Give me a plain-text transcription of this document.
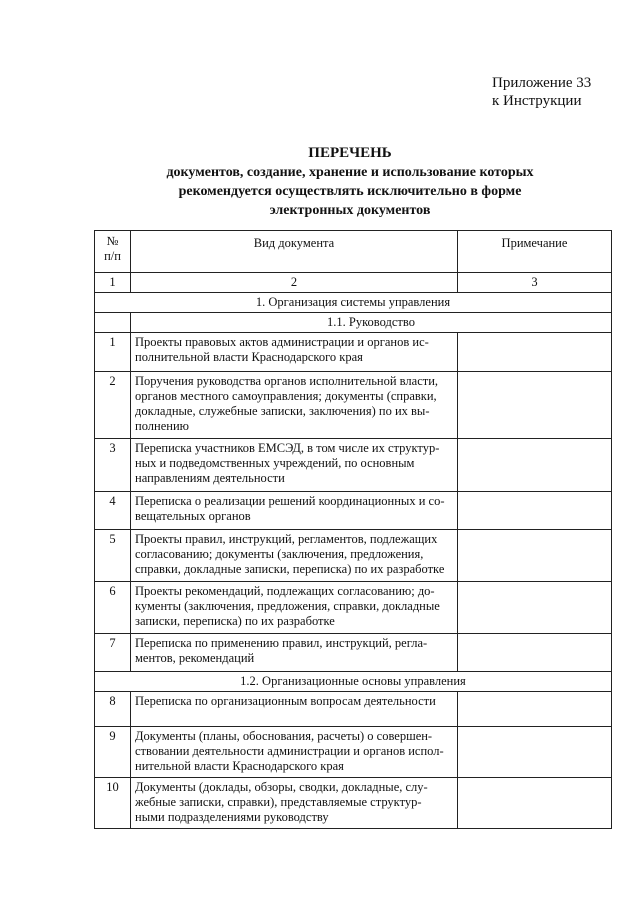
Приложение 33
к Инструкции
ПЕРЕЧЕНЬ
документов, создание, хранение и использование которых
рекомендуется осуществлять исключительно в форме
электронных документов
№
п/п	Вид документа	Примечание
1	2	3
1. Организация системы управления		
	1.1. Руководство	
1	Проекты правовых актов администрации и органов ис-
полнительной власти Краснодарского края	
2	Поручения руководства органов исполнительной власти,
органов местного самоуправления; документы (справки,
докладные, служебные записки, заключения) по их вы-
полнению	
3	Переписка участников ЕМСЭД, в том числе их структур-
ных и подведомственных учреждений, по основным
направлениям деятельности	
4	Переписка о реализации решений координационных и со-
вещательных органов	
5	Проекты правил, инструкций, регламентов, подлежащих
согласованию; документы (заключения, предложения,
справки, докладные записки, переписка) по их разработке	
6	Проекты рекомендаций, подлежащих согласованию; до-
кументы (заключения, предложения, справки, докладные
записки, переписка) по их разработке	
7	Переписка по применению правил, инструкций, регла-
ментов, рекомендаций	
1.2. Организационные основы управления		
8	Переписка по организационным вопросам деятельности	
9	Документы (планы, обоснования, расчеты) о совершен-
ствовании деятельности администрации и органов испол-
нительной власти Краснодарского края	
10	Документы (доклады, обзоры, сводки, докладные, слу-
жебные записки, справки), представляемые структур-
ными подразделениями руководству	
